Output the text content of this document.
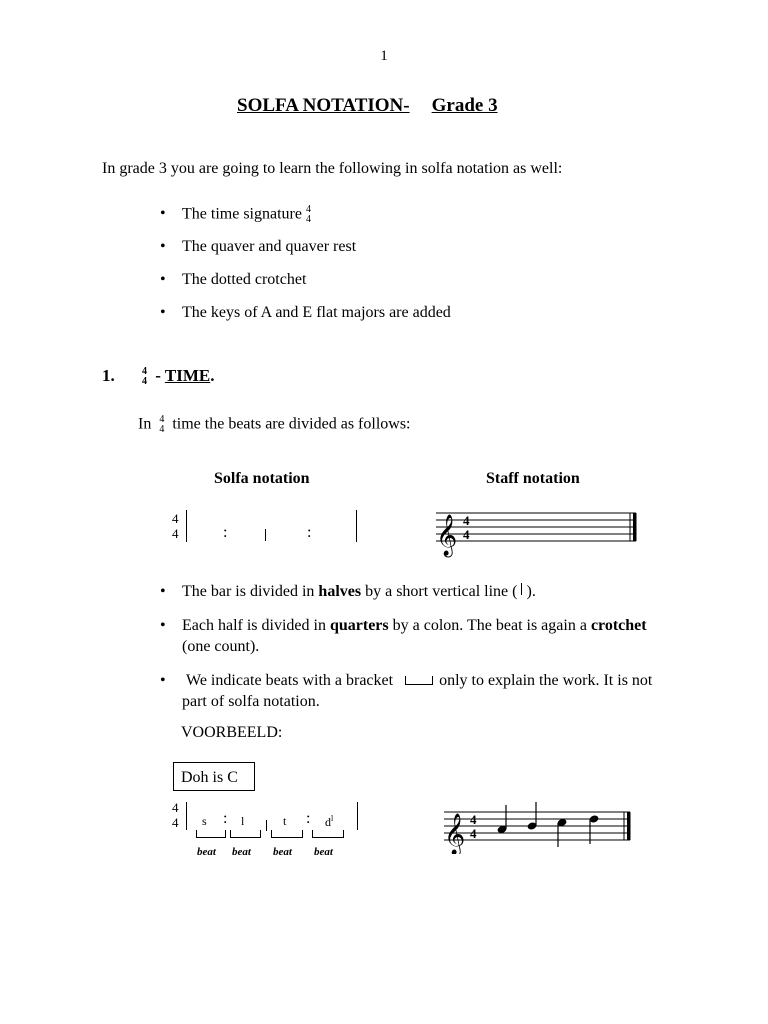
1
SOLFA NOTATION- Grade 3
In grade 3 you are going to learn the following in solfa notation as well:
• The time signature 4
4
• The quaver and quaver rest
• The dotted crotchet
• The keys of A and E flat majors are added
1.	4
4 - TIME.
In 4
4 time the beats are divided as follows:
Solfa notation	Staff notation
4
4	:	:	𝄞 4
4
The bar is divided in halves by a short vertical line ( ).
Each half is divided in quarters by a colon. The beat is again a crotchet (one count).
We indicate beats with a bracket	only to explain the work. It is not part of solfa notation.
VOORBEELD:
Doh is C
4
4 s : l	t : $d^l$
beat beat beat beat	𝄞 4
4
